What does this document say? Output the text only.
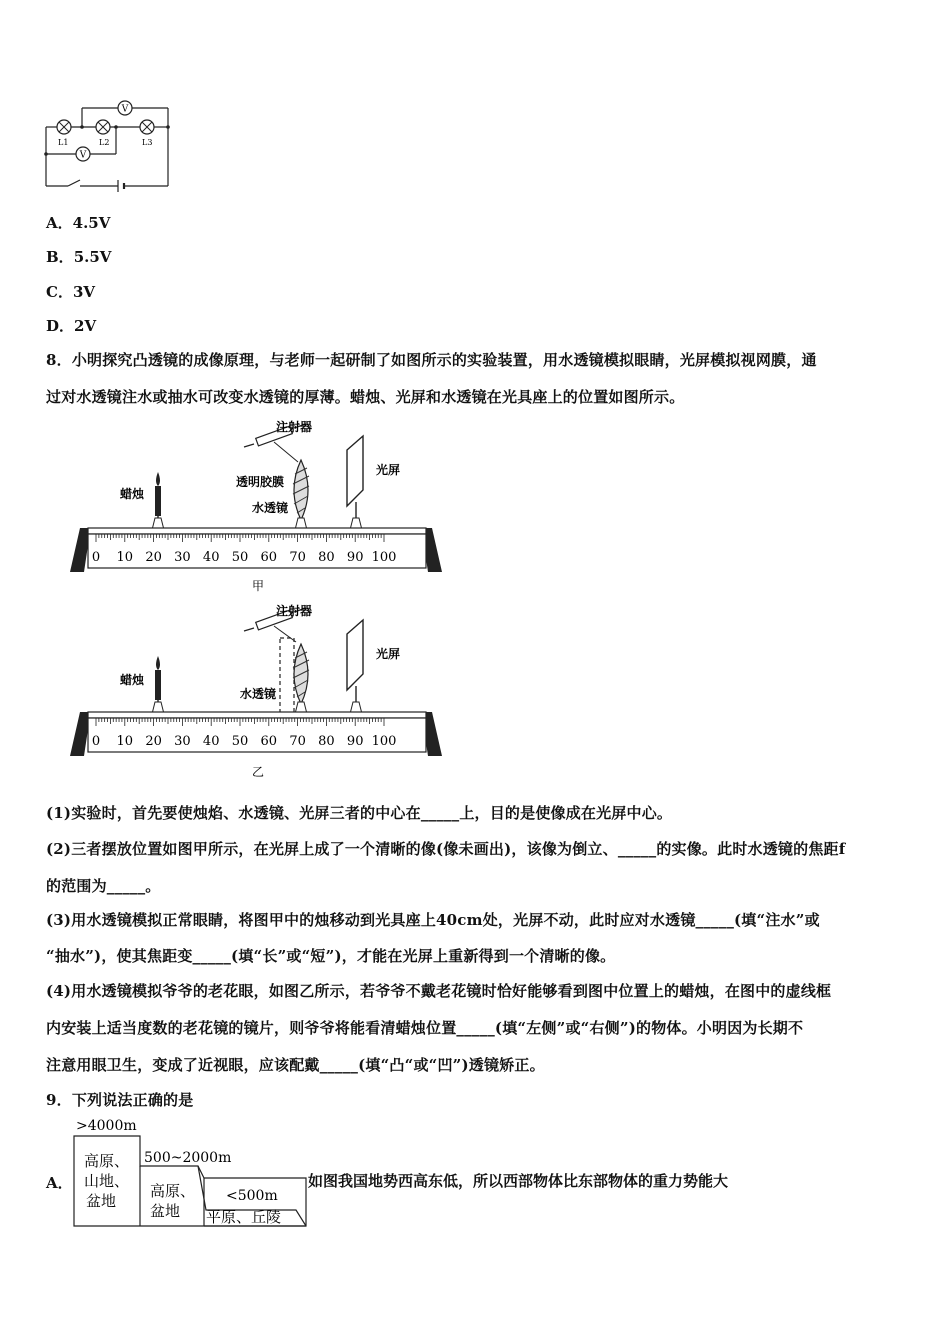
V
V
L1	L2	L3
A．4.5V
B．5.5V
C．3V
D．2V
8．小明探究凸透镜的成像原理，与老师一起研制了如图所示的实验装置，用水透镜模拟眼睛，光屏模拟视网膜，通
过对水透镜注水或抽水可改变水透镜的厚薄。蜡烛、光屏和水透镜在光具座上的位置如图所示。
注射器
透明胶膜
水透镜
蜡烛
光屏
0 10 20 30 40 50 60 70 80 90 100
甲
注射器
水透镜
蜡烛
光屏
0 10 20 30 40 50 60 70 80 90 100
乙
(1)实验时，首先要使烛焰、水透镜、光屏三者的中心在_____上，目的是使像成在光屏中心。
(2)三者摆放位置如图甲所示，在光屏上成了一个清晰的像(像未画出)，该像为倒立、_____的实像。此时水透镜的焦距f
的范围为_____。
(3)用水透镜模拟正常眼睛，将图甲中的烛移动到光具座上40cm处，光屏不动，此时应对水透镜_____(填“注水”或
“抽水”)，使其焦距变_____(填“长”或“短”)，才能在光屏上重新得到一个清晰的像。
(4)用水透镜模拟爷爷的老花眼，如图乙所示，若爷爷不戴老花镜时恰好能够看到图中位置上的蜡烛，在图中的虚线框
内安装上适当度数的老花镜的镜片，则爷爷将能看清蜡烛位置_____(填“左侧”或“右侧”)的物体。小明因为长期不
注意用眼卫生，变成了近视眼，应该配戴_____(填“凸“或“凹”)透镜矫正。
9．下列说法正确的是
A．
>4000m
高原、
山地、
盆地
500~2000m
高原、
盆地
<500m
平原、丘陵
如图我国地势西高东低，所以西部物体比东部物体的重力势能大
